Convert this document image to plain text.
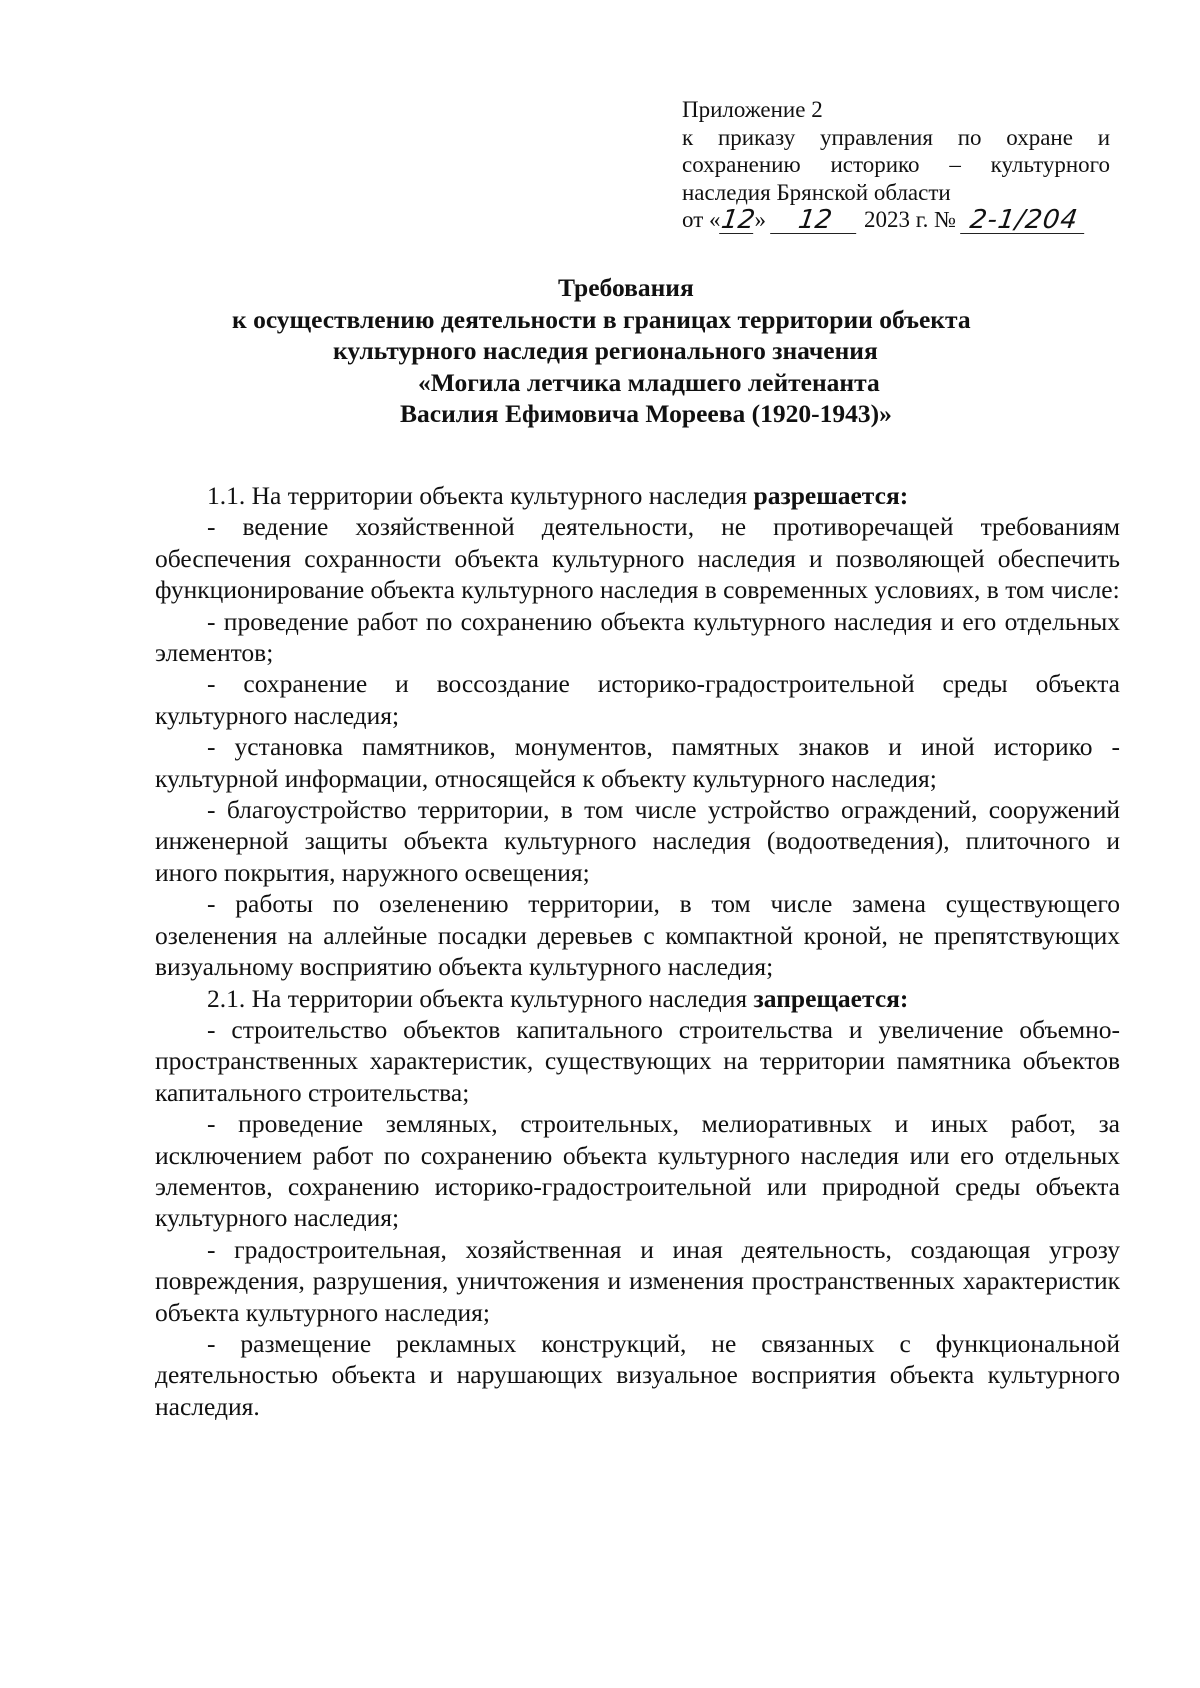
Приложение 2
к приказу управления по охране и
сохранению историко – культурного
наследия Брянской области
от «
12
»	12	2023 г. № 2-1/204
Требования
к осуществлению деятельности в границах территории объекта
культурного наследия регионального значения
«Могила летчика младшего лейтенанта
Василия Ефимовича Мореева (1920-1943)»

1.1. На территории объекта культурного наследия разрешается:

- ведение хозяйственной деятельности, не противоречащей требованиям обеспечения сохранности объекта культурного наследия и позволяющей обеспечить функционирование объекта культурного наследия в современных условиях, в том числе:

- проведение работ по сохранению объекта культурного наследия и его отдельных элементов;

- сохранение и воссоздание историко-градостроительной среды объекта культурного наследия;

- установка памятников, монументов, памятных знаков и иной историко - культурной информации, относящейся к объекту культурного наследия;

- благоустройство территории, в том числе устройство ограждений, сооружений инженерной защиты объекта культурного наследия (водоотведения), плиточного и иного покрытия, наружного освещения;

- работы по озеленению территории, в том числе замена существующего озеленения на аллейные посадки деревьев с компактной кроной, не препятствующих визуальному восприятию объекта культурного наследия;

2.1. На территории объекта культурного наследия запрещается:

- строительство объектов капитального строительства и увеличение объемно-пространственных характеристик, существующих на территории памятника объектов капитального строительства;

- проведение земляных, строительных, мелиоративных и иных работ, за исключением работ по сохранению объекта культурного наследия или его отдельных элементов, сохранению историко-градостроительной или природной среды объекта культурного наследия;

- градостроительная, хозяйственная и иная деятельность, создающая угрозу повреждения, разрушения, уничтожения и изменения пространственных характеристик объекта культурного наследия;

- размещение рекламных конструкций, не связанных с функциональной деятельностью объекта и нарушающих визуальное восприятия объекта культурного наследия.
